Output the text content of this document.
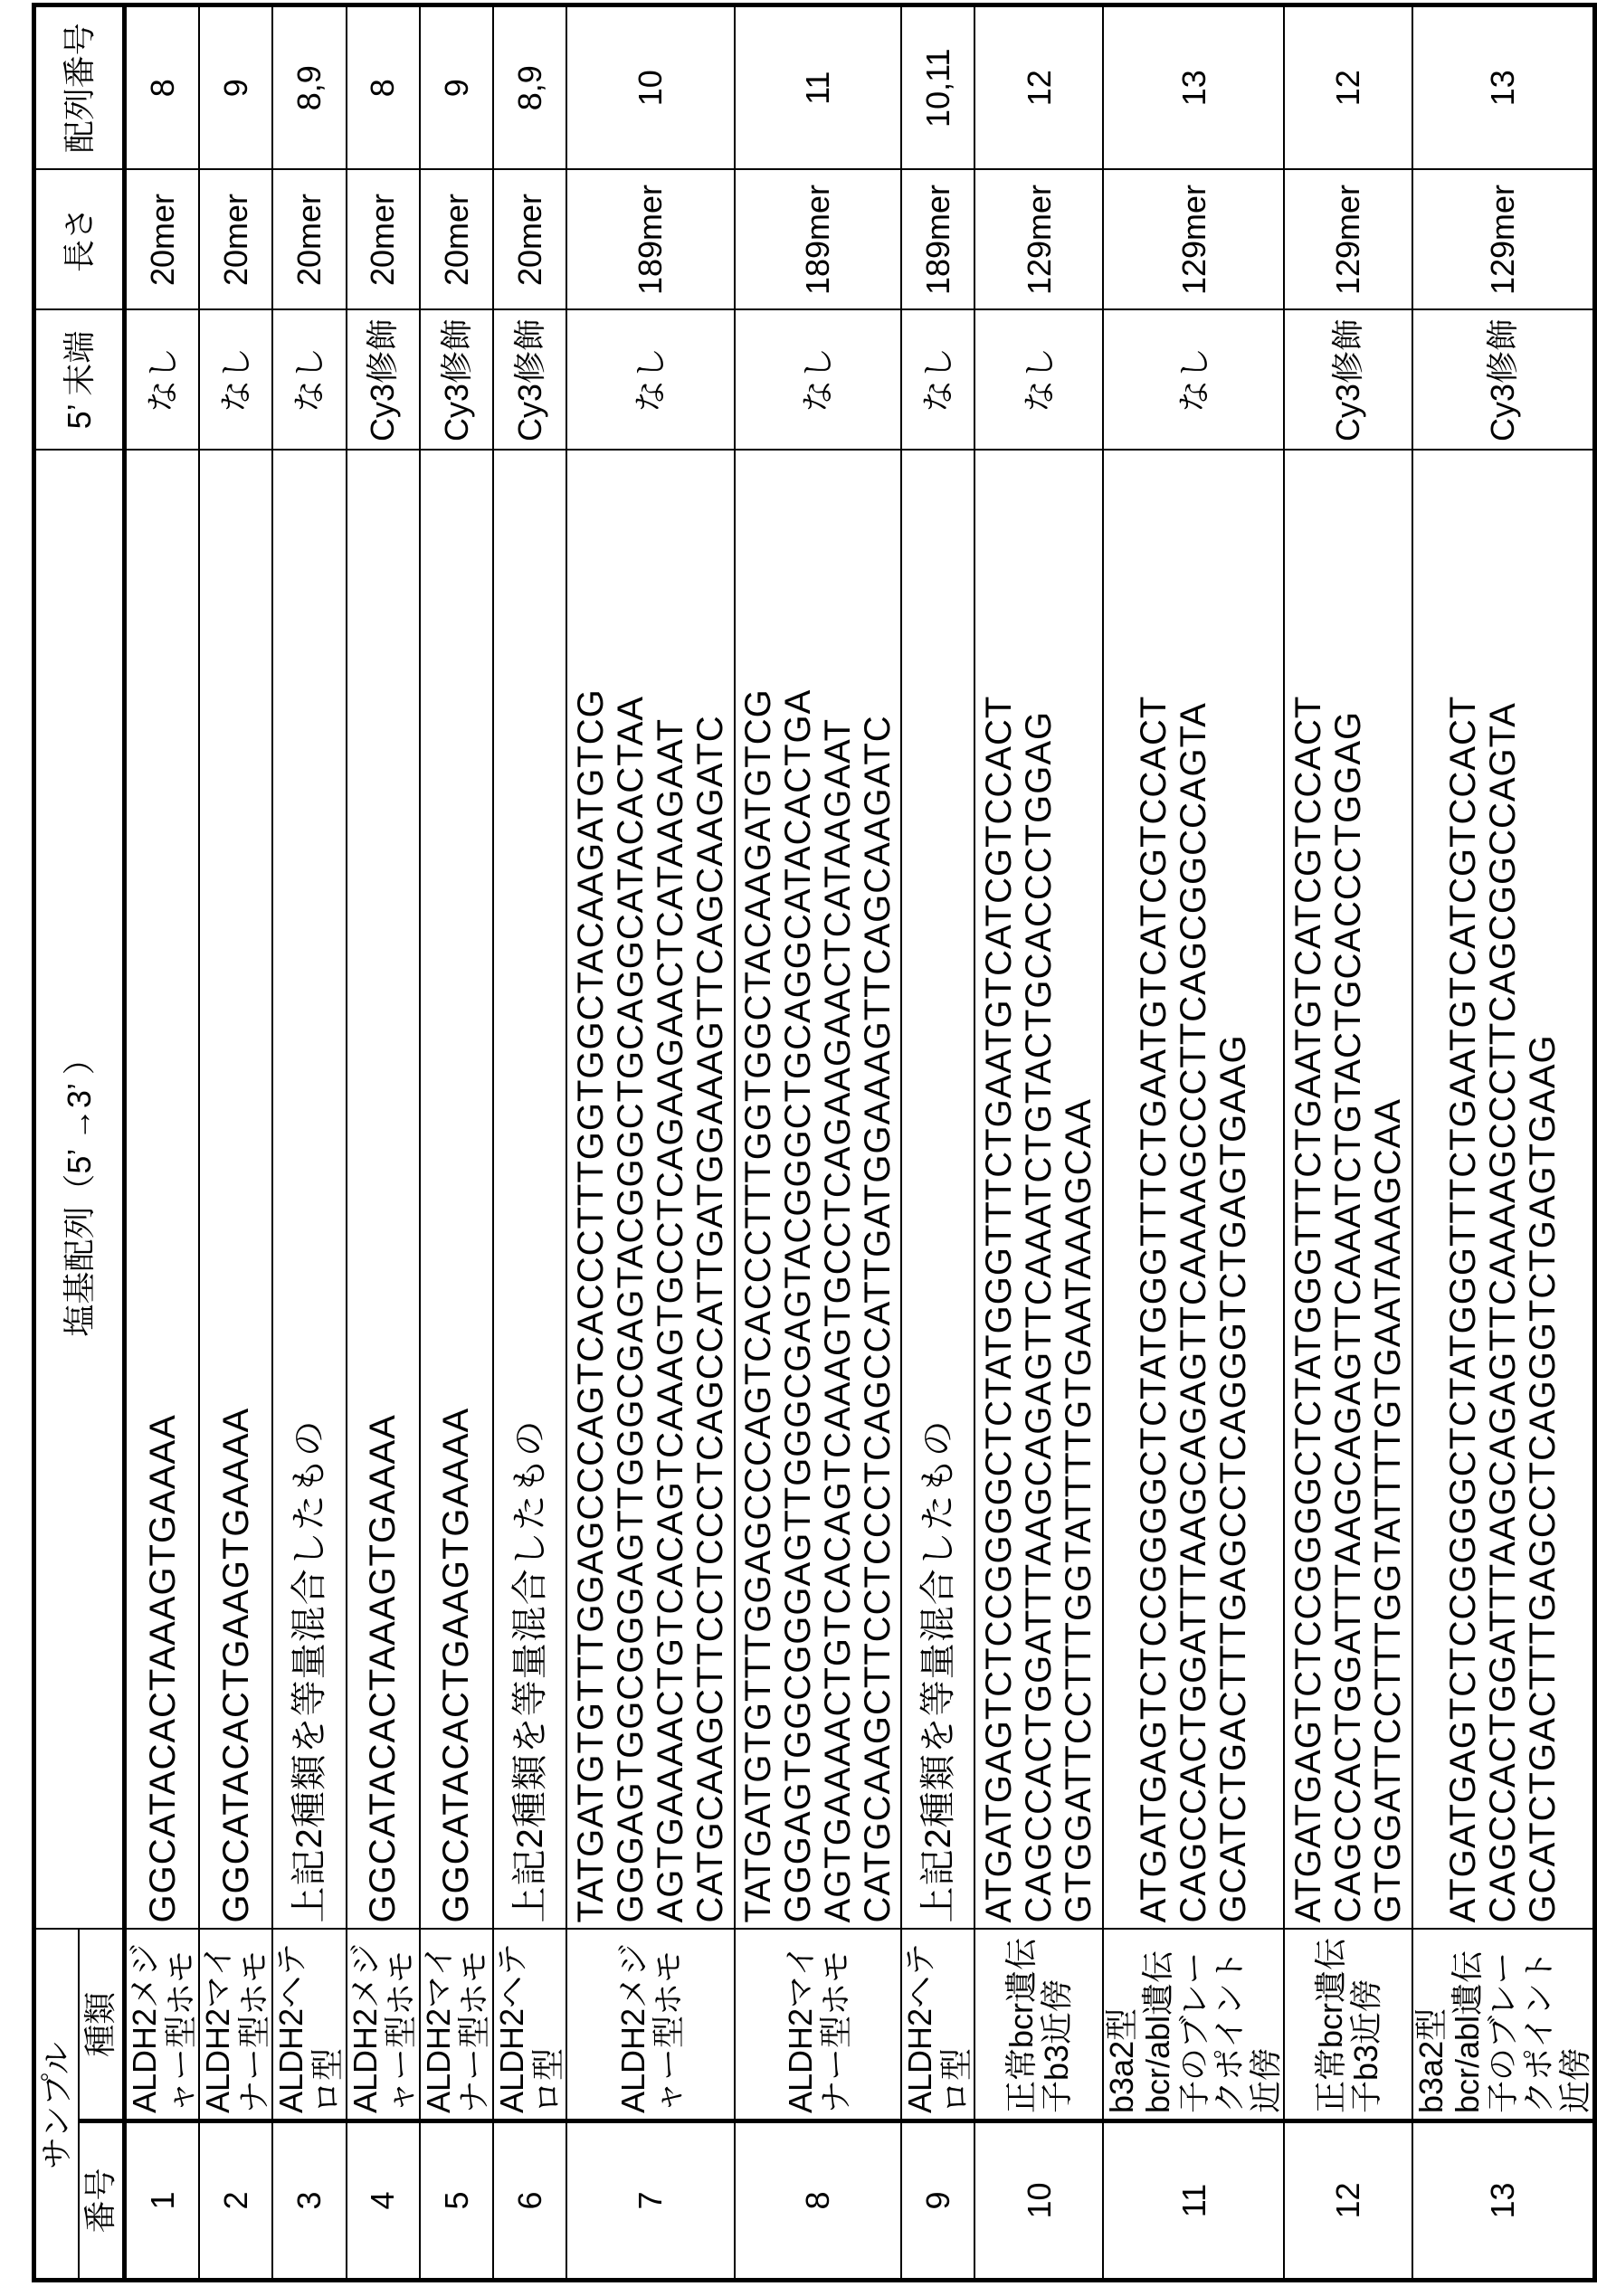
サンプル	塩基配列（5’ →3’ ）	5’ 末端	長さ	配列番号
番号	種類
1	ALDH2メジャー型ホモ	
GGCATACACTAAAGTGAAAA
	なし	20mer	8
2	ALDH2マイナー型ホモ	
GGCATACACTGAAGTGAAAA
	なし	20mer	9
3	ALDH2ヘテロ型	
上記2種類を等量混合したもの
	なし	20mer	8,9
4	ALDH2メジャー型ホモ	
GGCATACACTAAAGTGAAAA
	Cy3修飾	20mer	8
5	ALDH2マイナー型ホモ	
GGCATACACTGAAGTGAAAA
	Cy3修飾	20mer	9
6	ALDH2ヘテロ型	
上記2種類を等量混合したもの
	Cy3修飾	20mer	8,9
7	ALDH2メジャー型ホモ	
TATGATGTGTTTGGAGCCCAGTCACCCTTTGGTGGCTACAAGATGTCG GGGAGTGGCGGGAGTTGGGCGAGTACGGGCTGCAGGCATACACTAA AGTGAAAACTGTCACAGTCAAAGTGCCTCAGAAGAACTCATAAGAAT CATGCAAGCTTCCTCCCTCAGCCATTGATGGAAAGTTCAGCAAGATC
	なし	189mer	10
8	ALDH2マイナー型ホモ	
TATGATGTGTTTGGAGCCCAGTCACCCTTTGGTGGCTACAAGATGTCG GGGAGTGGCGGGAGTTGGGCGAGTACGGGCTGCAGGCATACACTGA AGTGAAAACTGTCACAGTCAAAGTGCCTCAGAAGAACTCATAAGAAT CATGCAAGCTTCCTCCCTCAGCCATTGATGGAAAGTTCAGCAAGATC
	なし	189mer	11
9	ALDH2ヘテロ型	
上記2種類を等量混合したもの
	なし	189mer	10,11
10	正常bcr遺伝子b3近傍	
ATGATGAGTCTCCGGGGCTCTATGGGTTTCTGAATGTCATCGTCCACT CAGCCACTGGATTTAAGCAGAGTTCAAATCTGTACTGCACCCTGGAG GTGGATTCCTTTGGTATTTTGTGAATAAAGCAA
	なし	129mer	12
11	b3a2型bcr/abl遺伝子のブレークポイント近傍	
ATGATGAGTCTCCGGGGCTCTATGGGTTTCTGAATGTCATCGTCCACT CAGCCACTGGATTTAAGCAGAGTTCAAAAGCCCTTCAGCGGCCAGTA GCATCTGACTTTGAGCCTCAGGGTCTGAGTGAAG
	なし	129mer	13
12	正常bcr遺伝子b3近傍	
ATGATGAGTCTCCGGGGCTCTATGGGTTTCTGAATGTCATCGTCCACT CAGCCACTGGATTTAAGCAGAGTTCAAATCTGTACTGCACCCTGGAG GTGGATTCCTTTGGTATTTTGTGAATAAAGCAA
	Cy3修飾	129mer	12
13	b3a2型bcr/abl遺伝子のブレークポイント近傍	
ATGATGAGTCTCCGGGGCTCTATGGGTTTCTGAATGTCATCGTCCACT CAGCCACTGGATTTAAGCAGAGTTCAAAAGCCCTTCAGCGGCCAGTA GCATCTGACTTTGAGCCTCAGGGTCTGAGTGAAG
	Cy3修飾	129mer	13
